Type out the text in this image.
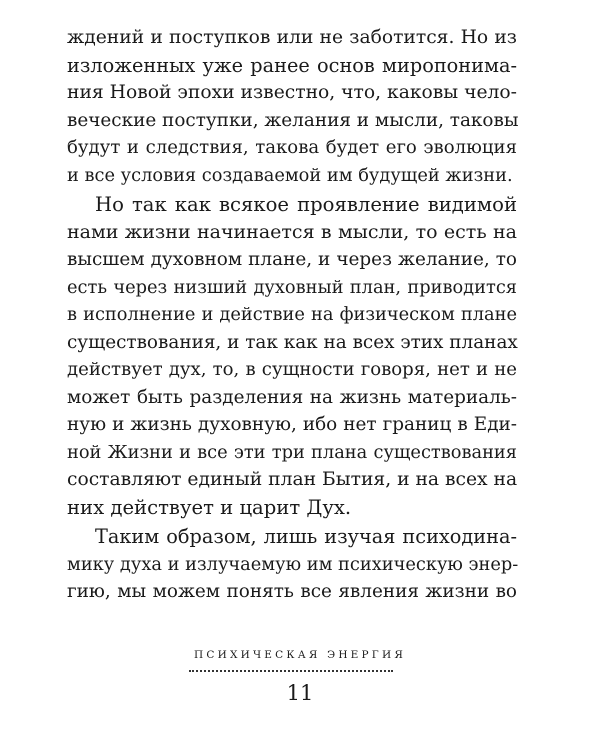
ждений и поступков или не заботится. Но из
изложенных уже ранее основ миропонима-
ния Новой эпохи известно, что, каковы чело-
веческие поступки, желания и мысли, таковы
будут и следствия, такова будет его эволюция
и все условия создаваемой им будущей жизни.
Но так как всякое проявление видимой
нами жизни начинается в мысли, то есть на
высшем духовном плане, и через желание, то
есть через низший духовный план, приводится
в исполнение и действие на физическом плане
существования, и так как на всех этих планах
действует дух, то, в сущности говоря, нет и не
может быть разделения на жизнь материаль-
ную и жизнь духовную, ибо нет границ в Еди-
ной Жизни и все эти три плана существования
составляют единый план Бытия, и на всех на
них действует и царит Дух.
Таким образом, лишь изучая психодина-
мику духа и излучаемую им психическую энер-
гию, мы можем понять все явления жизни во
ПСИХИЧЕСКАЯ ЭНЕРГИЯ
11
